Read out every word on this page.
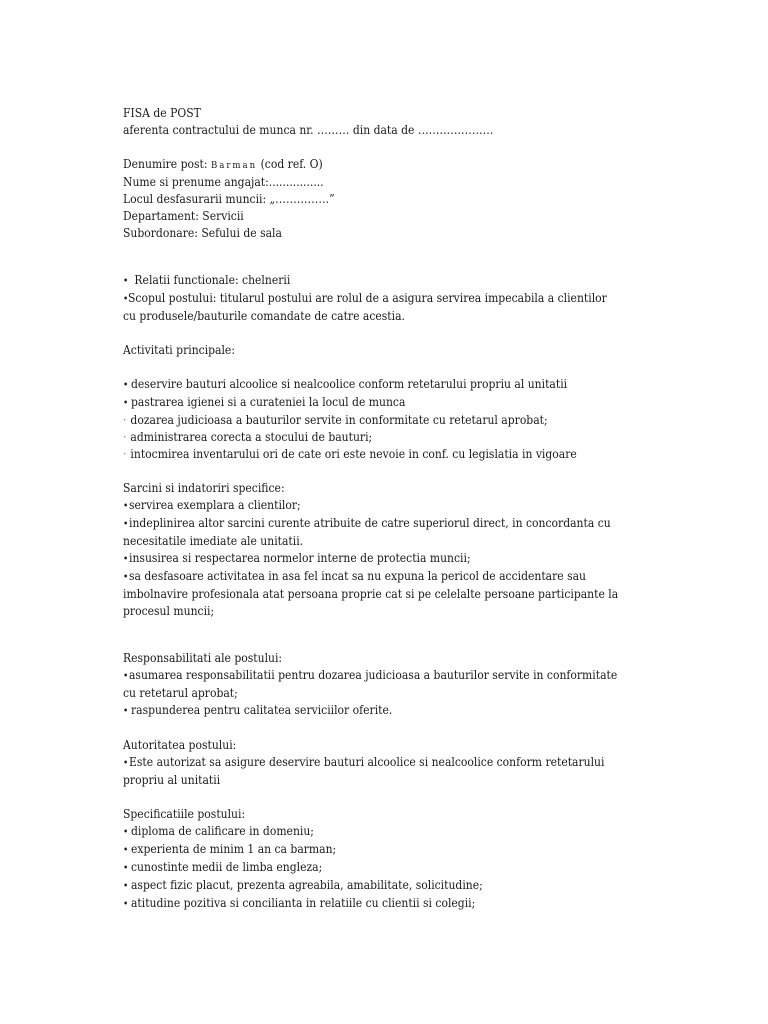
FISA de POST
aferenta contractului de munca nr. ……… din data de …………………
Denumire post: Barman (cod ref. O)
Nume si prenume angajat:................
Locul desfasurarii muncii: „……………”
Departament: Servicii
Subordonare: Sefului de sala
• Relatii functionale: chelnerii
•Scopul postului: titularul postului are rolul de a asigura servirea impecabila a clientilor
cu produsele/bauturile comandate de catre acestia.
Activitati principale:
• deservire bauturi alcoolice si nealcoolice conform retetarului propriu al unitatii
• pastrarea igienei si a curateniei la locul de munca
· dozarea judicioasa a bauturilor servite in conformitate cu retetarul aprobat;
· administrarea corecta a stocului de bauturi;
· intocmirea inventarului ori de cate ori este nevoie in conf. cu legislatia in vigoare
Sarcini si indatoriri specifice:
•servirea exemplara a clientilor;
•indeplinirea altor sarcini curente atribuite de catre superiorul direct, in concordanta cu
necesitatile imediate ale unitatii.
•insusirea si respectarea normelor interne de protectia muncii;
•sa desfasoare activitatea in asa fel incat sa nu expuna la pericol de accidentare sau
imbolnavire profesionala atat persoana proprie cat si pe celelalte persoane participante la
procesul muncii;
Responsabilitati ale postului:
•asumarea responsabilitatii pentru dozarea judicioasa a bauturilor servite in conformitate
cu retetarul aprobat;
• raspunderea pentru calitatea serviciilor oferite.
Autoritatea postului:
•Este autorizat sa asigure deservire bauturi alcoolice si nealcoolice conform retetarului
propriu al unitatii
Specificatiile postului:
• diploma de calificare in domeniu;
• experienta de minim 1 an ca barman;
• cunostinte medii de limba engleza;
• aspect fizic placut, prezenta agreabila, amabilitate, solicitudine;
• atitudine pozitiva si concilianta in relatiile cu clientii si colegii;
